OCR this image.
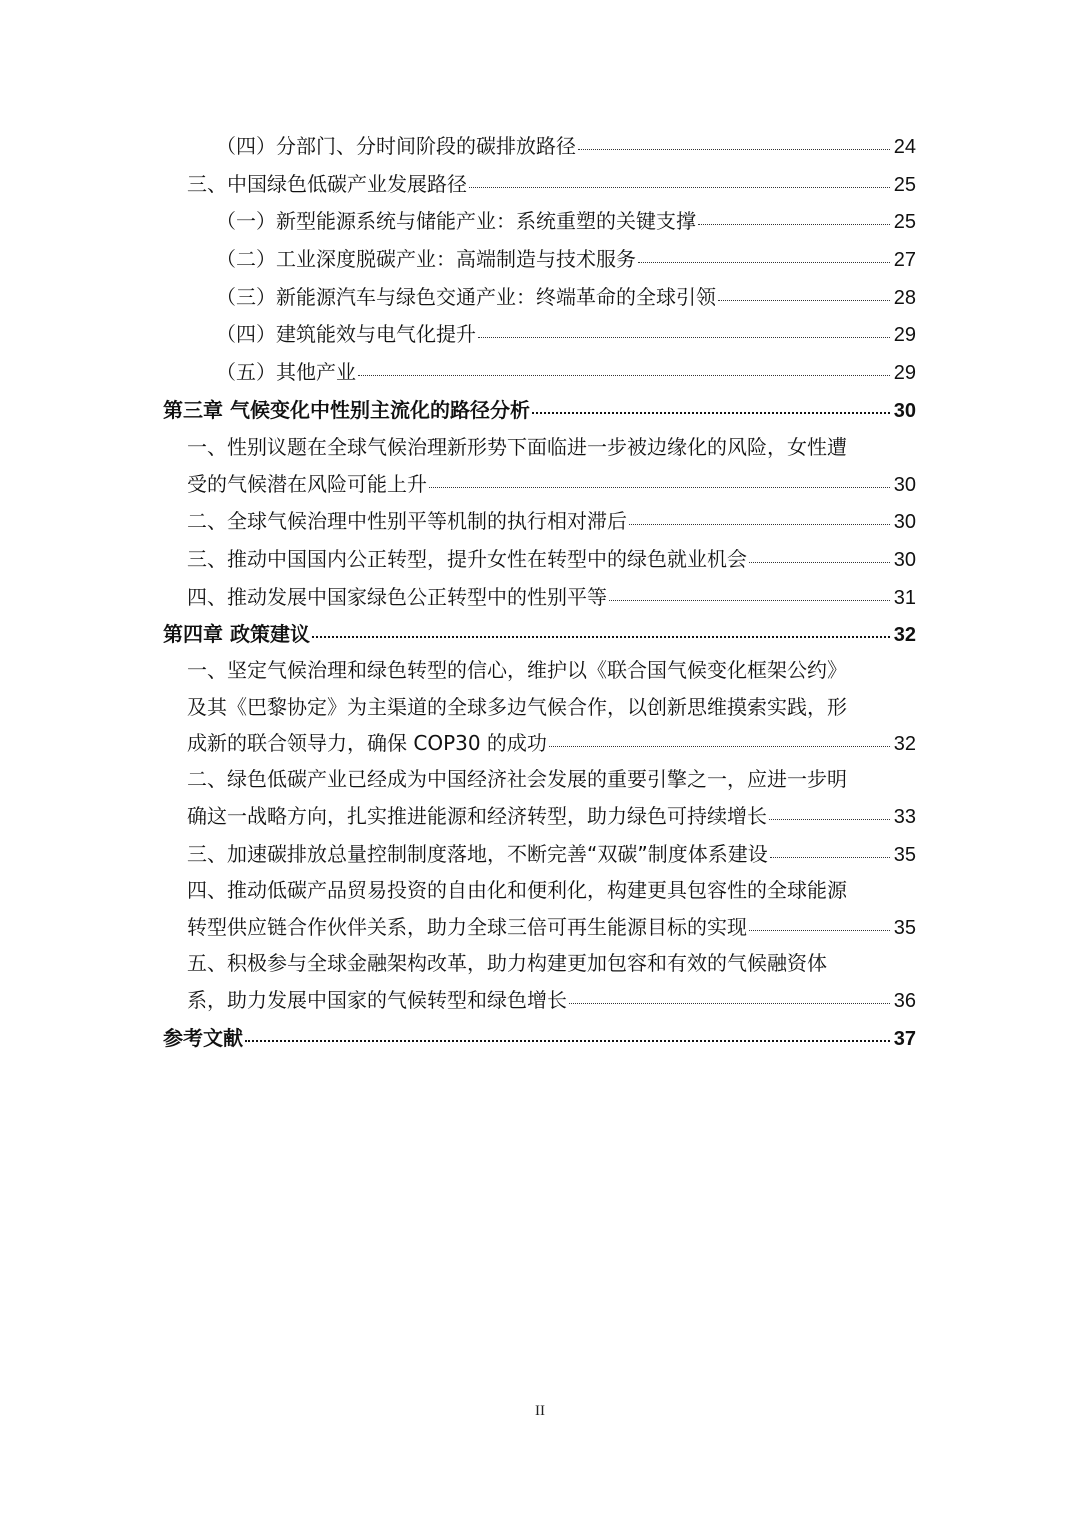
（四）分部门、分时间阶段的碳排放路径	24
三、中国绿色低碳产业发展路径	25
（一）新型能源系统与储能产业：系统重塑的关键支撑	25
（二）工业深度脱碳产业：高端制造与技术服务	27
（三）新能源汽车与绿色交通产业：终端革命的全球引领	28
（四）建筑能效与电气化提升	29
（五）其他产业	29
第三章 气候变化中性别主流化的路径分析	30
一、性别议题在全球气候治理新形势下面临进一步被边缘化的风险，女性遭
受的气候潜在风险可能上升	30
二、全球气候治理中性别平等机制的执行相对滞后	30
三、推动中国国内公正转型，提升女性在转型中的绿色就业机会	30
四、推动发展中国家绿色公正转型中的性别平等	31
第四章 政策建议	32
一、坚定气候治理和绿色转型的信心，维护以《联合国气候变化框架公约》
及其《巴黎协定》为主渠道的全球多边气候合作，以创新思维摸索实践，形
成新的联合领导力，确保 COP30 的成功	32
二、绿色低碳产业已经成为中国经济社会发展的重要引擎之一，应进一步明
确这一战略方向，扎实推进能源和经济转型，助力绿色可持续增长	33
三、加速碳排放总量控制制度落地，不断完善“双碳”制度体系建设	35
四、推动低碳产品贸易投资的自由化和便利化，构建更具包容性的全球能源
转型供应链合作伙伴关系，助力全球三倍可再生能源目标的实现	35
五、积极参与全球金融架构改革，助力构建更加包容和有效的气候融资体
系，助力发展中国家的气候转型和绿色增长	36
参考文献	37
II
